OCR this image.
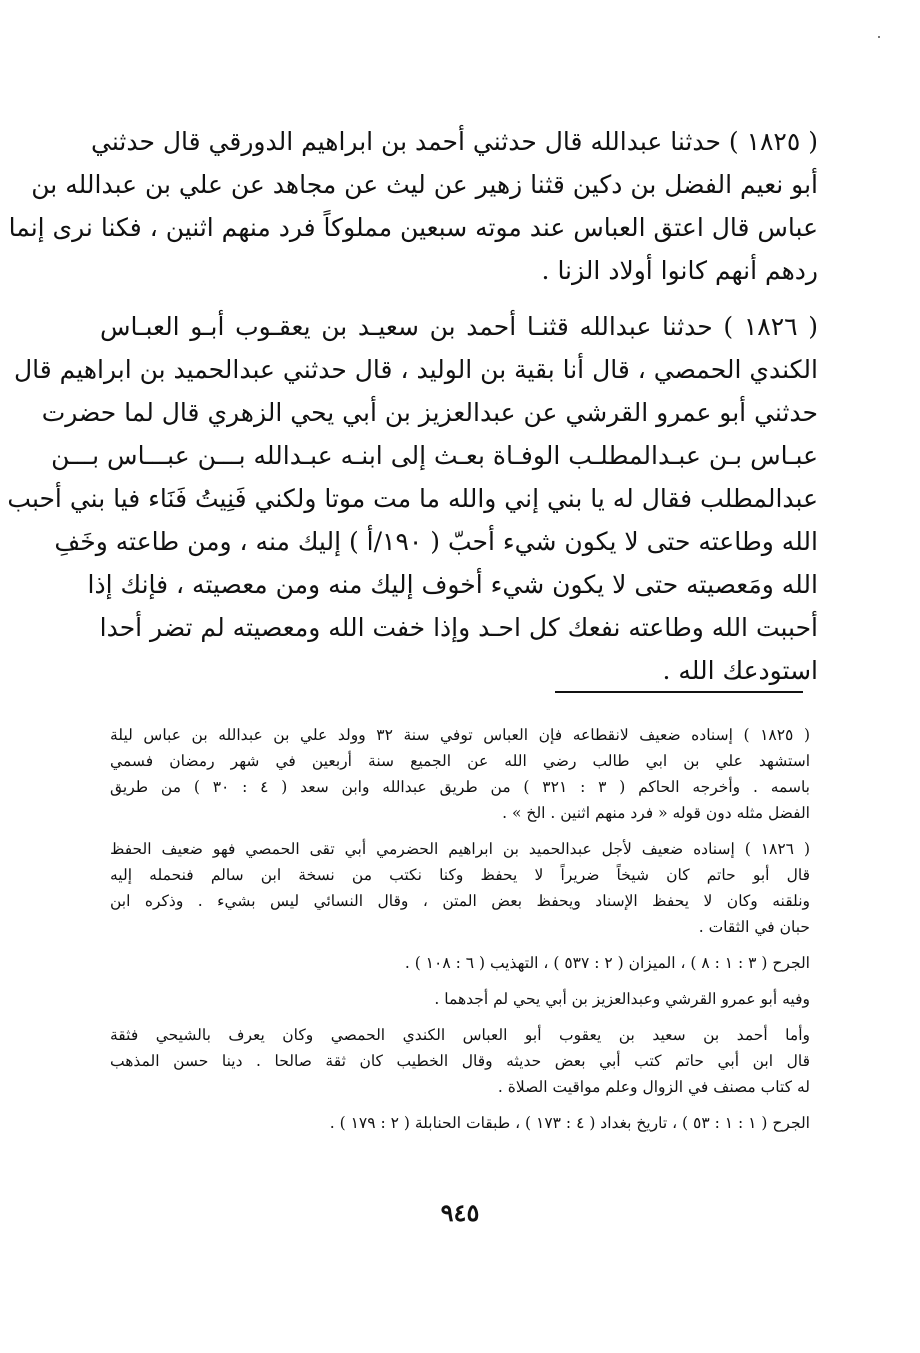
( ١٨٢٥ ) حدثنا عبدالله قال حدثني أحمد بن ابراهيم الدورقي قال حدثني
أبو نعيم الفضل بن دكين قثنا زهير عن ليث عن مجاهد عن علي بن عبدالله بن
عباس قال اعتق العباس عند موته سبعين مملوكاً فرد منهم اثنين ، فكنا نرى إنما
ردهم أنهم كانوا أولاد الزنا .
( ١٨٢٦ ) حدثنا عبدالله قثنـا أحمد بن سعيـد بن يعقـوب أبـو العبـاس
الكندي الحمصي ، قال أنا بقية بن الوليد ، قال حدثني عبدالحميد بن ابراهيم قال
حدثني أبو عمرو القرشي عن عبدالعزيز بن أبي يحي الزهري قال لما حضرت
عبـاس بـن عبـدالمطلـب الوفـاة بعـث إلى ابنـه عبـدالله بـــن عبـــاس بـــن
عبدالمطلب فقال له يا بني إني والله ما مت موتا ولكني فَنِيتُ فَنَاء فيا بني أحبب
الله وطاعته حتى لا يكون شيء أحبّ ( ١٩٠/أ ) إليك منه ، ومن طاعته وخَفِ
الله ومَعصيته حتى لا يكون شيء أخوف إليك منه ومن معصيته ، فإنك إذا
أحببت الله وطاعته نفعك كل احـد وإذا خفت الله ومعصيته لم تضر أحدا
استودعك الله .
( ١٨٢٥ ) إسناده ضعيف لانقطاعه فإن العباس توفي سنة ٣٢ وولد علي بن عبدالله بن عباس ليلة
استشهد علي بن ابي طالب رضي الله عن الجميع سنة أربعين في شهر رمضان فسمي
باسمه . وأخرجه الحاكم ( ٣ : ٣٢١ ) من طريق عبدالله وابن سعد ( ٤ : ٣٠ ) من طريق
الفضل مثله دون قوله « فرد منهم اثنين . الخ » .
( ١٨٢٦ ) إسناده ضعيف لأجل عبدالحميد بن ابراهيم الحضرمي أبي تقى الحمصي فهو ضعيف الحفظ
قال أبو حاتم كان شيخاً ضريراً لا يحفظ وكنا نكتب من نسخة ابن سالم فنحمله إليه
ونلقنه وكان لا يحفظ الإسناد ويحفظ بعض المتن ، وقال النسائي ليس بشيء . وذكره ابن
حبان في الثقات .
الجرح ( ٣ : ١ : ٨ ) ، الميزان ( ٢ : ٥٣٧ ) ، التهذيب ( ٦ : ١٠٨ ) .
وفيه أبو عمرو القرشي وعبدالعزيز بن أبي يحي لم أجدهما .
وأما أحمد بن سعيد بن يعقوب أبو العباس الكندي الحمصي وكان يعرف بالشيحي فثقة
قال ابن أبي حاتم كتب أبي بعض حديثه وقال الخطيب كان ثقة صالحا . دينا حسن المذهب
له كتاب مصنف في الزوال وعلم مواقيت الصلاة .
الجرح ( ١ : ١ : ٥٣ ) ، تاريخ بغداد ( ٤ : ١٧٣ ) ، طبقات الحنابلة ( ٢ : ١٧٩ ) .
٩٤٥
